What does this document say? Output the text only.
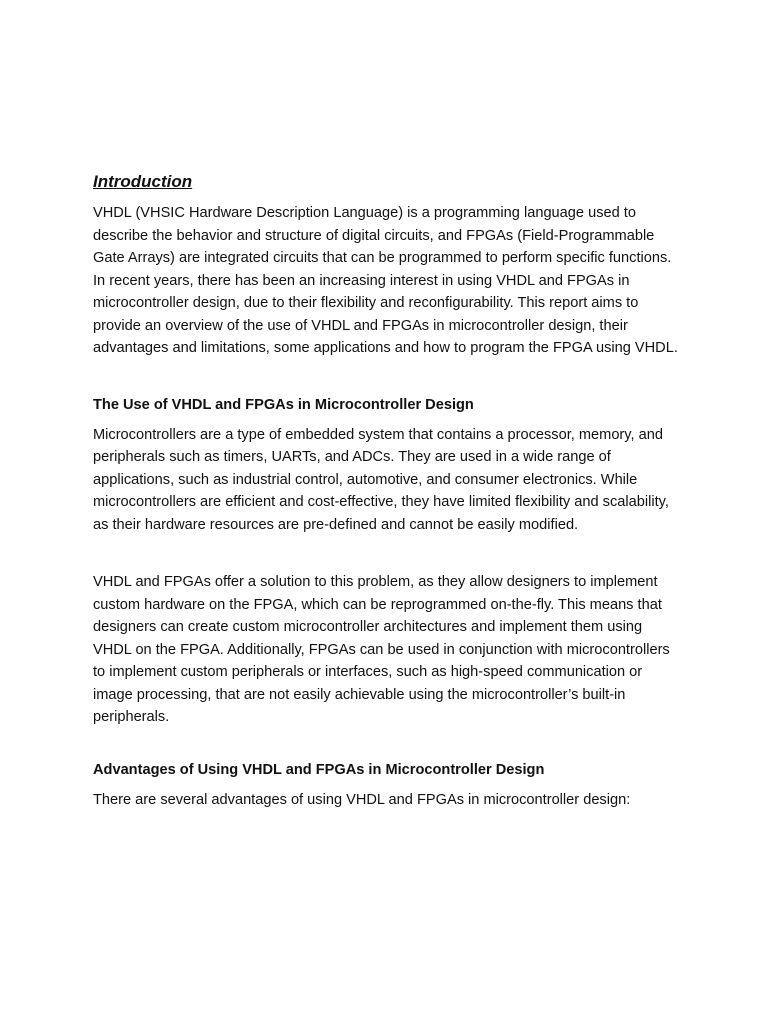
Introduction

VHDL (VHSIC Hardware Description Language) is a programming language used to describe the behavior and structure of digital circuits, and FPGAs (Field-Programmable Gate Arrays) are integrated circuits that can be programmed to perform specific functions. In recent years, there has been an increasing interest in using VHDL and FPGAs in microcontroller design, due to their flexibility and reconfigurability. This report aims to provide an overview of the use of VHDL and FPGAs in microcontroller design, their advantages and limitations, some applications and how to program the FPGA using VHDL.

The Use of VHDL and FPGAs in Microcontroller Design

Microcontrollers are a type of embedded system that contains a processor, memory, and peripherals such as timers, UARTs, and ADCs. They are used in a wide range of applications, such as industrial control, automotive, and consumer electronics. While microcontrollers are efficient and cost-effective, they have limited flexibility and scalability, as their hardware resources are pre-defined and cannot be easily modified.

VHDL and FPGAs offer a solution to this problem, as they allow designers to implement custom hardware on the FPGA, which can be reprogrammed on-the-fly. This means that designers can create custom microcontroller architectures and implement them using VHDL on the FPGA. Additionally, FPGAs can be used in conjunction with microcontrollers to implement custom peripherals or interfaces, such as high-speed communication or image processing, that are not easily achievable using the microcontroller’s built-in peripherals.

Advantages of Using VHDL and FPGAs in Microcontroller Design

There are several advantages of using VHDL and FPGAs in microcontroller design:
